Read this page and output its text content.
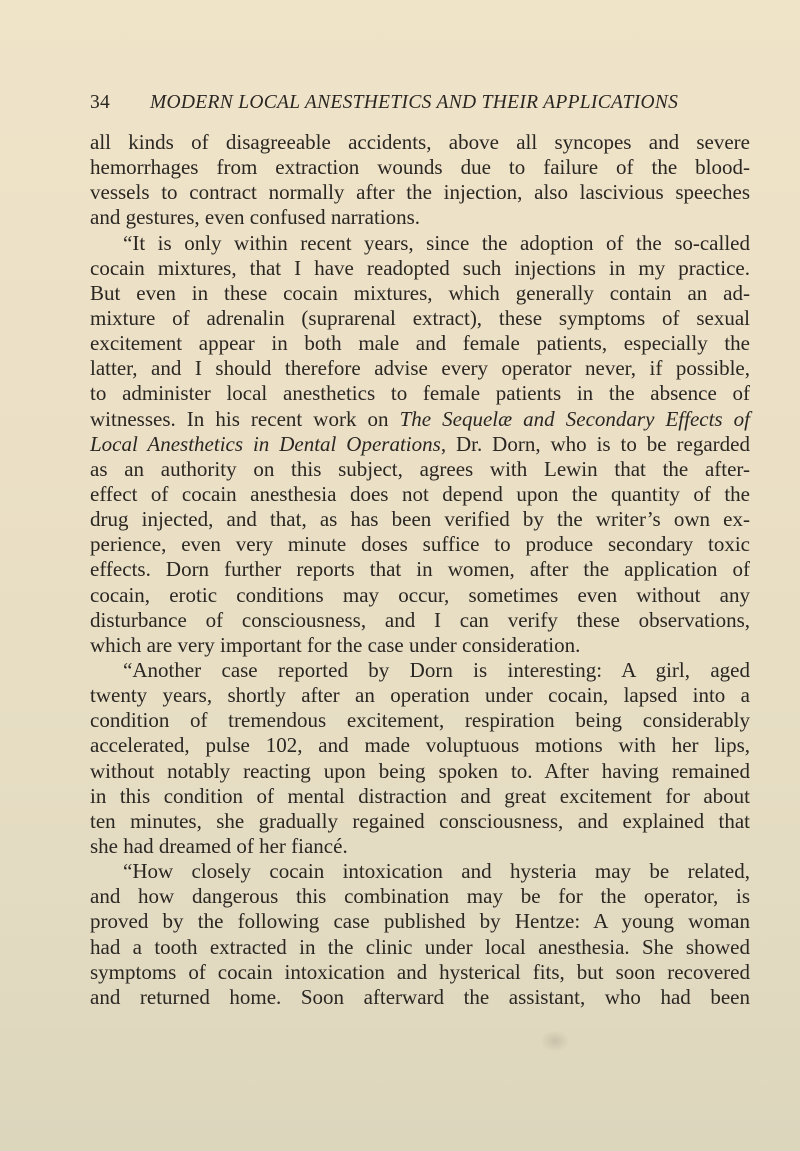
34 MODERN LOCAL ANESTHETICS AND THEIR APPLICATIONS
all kinds of disagreeable accidents, above all syncopes and severe
hemorrhages from extraction wounds due to failure of the blood-
vessels to contract normally after the injection, also lascivious speeches
and gestures, even confused narrations.
“It is only within recent years, since the adoption of the so-called
cocain mixtures, that I have readopted such injections in my practice.
But even in these cocain mixtures, which generally contain an ad-
mixture of adrenalin (suprarenal extract), these symptoms of sexual
excitement appear in both male and female patients, especially the
latter, and I should therefore advise every operator never, if possible,
to administer local anesthetics to female patients in the absence of
witnesses. In his recent work on The Sequelæ and Secondary Effects of
Local Anesthetics in Dental Operations, Dr. Dorn, who is to be regarded
as an authority on this subject, agrees with Lewin that the after-
effect of cocain anesthesia does not depend upon the quantity of the
drug injected, and that, as has been verified by the writer’s own ex-
perience, even very minute doses suffice to produce secondary toxic
effects. Dorn further reports that in women, after the application of
cocain, erotic conditions may occur, sometimes even without any
disturbance of consciousness, and I can verify these observations,
which are very important for the case under consideration.
“Another case reported by Dorn is interesting: A girl, aged
twenty years, shortly after an operation under cocain, lapsed into a
condition of tremendous excitement, respiration being considerably
accelerated, pulse 102, and made voluptuous motions with her lips,
without notably reacting upon being spoken to. After having remained
in this condition of mental distraction and great excitement for about
ten minutes, she gradually regained consciousness, and explained that
she had dreamed of her fiancé.
“How closely cocain intoxication and hysteria may be related,
and how dangerous this combination may be for the operator, is
proved by the following case published by Hentze: A young woman
had a tooth extracted in the clinic under local anesthesia. She showed
symptoms of cocain intoxication and hysterical fits, but soon recovered
and returned home. Soon afterward the assistant, who had been
